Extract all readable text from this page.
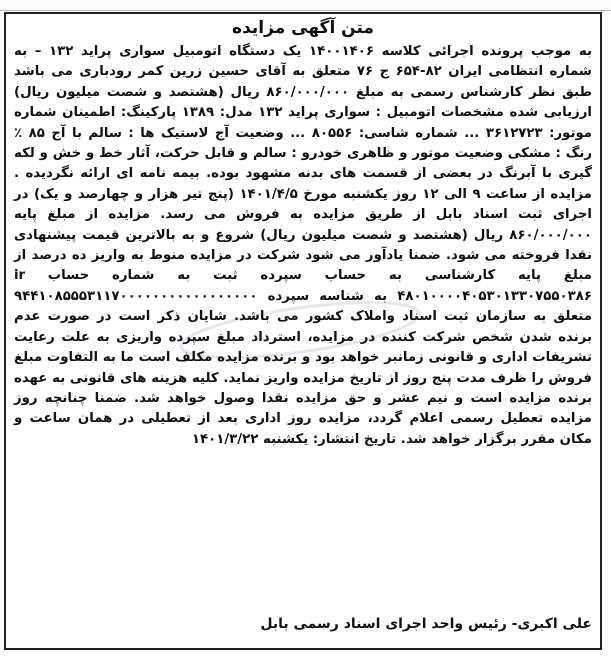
متن آگهی مزایده
به موجب پرونده اجرائی کلاسه ۱۴۰۰۱۴۰۶ یک دستگاه اتومبیل سواری پراید ۱۳۲ – به شماره انتظامی ایران ۸۲-۶۵۴ ج ۷۶ متعلق به آقای حسین زرین کمر رودباری می باشد طبق نظر کارشناس رسمی به مبلغ ۸۶۰/۰۰۰/۰۰۰ ریال (هشتصد و شصت میلیون ریال) ارزیابی شده مشخصات اتومبیل : سواری پراید ۱۳۲ مدل: ۱۳۸۹ پارکینگ: اطمینان شماره موتور: ۳۶۱۲۷۲۳ ... شماره شاسی: ۸۰۵۵۶ ... وضعیت آج لاستیک ها : سالم با آج ۸۵ ٪ رنگ : مشکی وضعیت موتور و ظاهری خودرو : سالم و قابل حرکت، آثار خط و خش و لکه گیری با آبرنگ در بعضی از قسمت های بدنه مشهود بوده. بیمه نامه ای ارائه نگردیده . مزایده از ساعت ۹ الی ۱۲ روز یکشنبه مورخ ۱۴۰۱/۴/۵ (پنج تیر هزار و چهارصد و یک) در اجرای ثبت اسناد بابل از طریق مزایده به فروش می رسد. مزایده از مبلغ پایه ۸۶۰/۰۰۰/۰۰۰ ریال (هشتصد و شصت میلیون ریال) شروع و به بالاترین قیمت پیشنهادی نقدا فروخته می شود. ضمنا یادآور می شود شرکت در مزایده منوط به واریز ده درصد از مبلغ پایه کارشناسی به حساب سپرده ثبت به شماره حساب ir ۴۸۰۱۰۰۰۰۴۰۵۳۰۱۳۳۰۷۵۵۰۳۸۶ به شناسه سپرده ۹۴۴۱۰۸۵۵۵۳۱۱۷۰۰۰۰۰۰۰۰۰۰۰۰۰۰۰۰۰ متعلق به سازمان ثبت اسناد واملاک کشور می باشد. شایان ذکر است در صورت عدم برنده شدن شخص شرکت کننده در مزایده، استرداد مبلغ سپرده واریزی به علت رعایت تشریفات اداری و قانونی زمانبر خواهد بود و برنده مزایده مکلف است ما به التفاوت مبلغ فروش را ظرف مدت پنج روز از تاریخ مزایده واریز نماید. کلیه هزینه های قانونی به عهده برنده مزایده است و نیم عشر و حق مزایده نقدا وصول خواهد شد. ضمنا چنانچه روز مزایده تعطیل رسمی اعلام گردد، مزایده روز اداری بعد از تعطیلی در همان ساعت و مکان مقرر برگزار خواهد شد. تاریخ انتشار: یکشنبه ۱۴۰۱/۳/۲۲
علی اکبری- رئیس واحد اجرای اسناد رسمی بابل
